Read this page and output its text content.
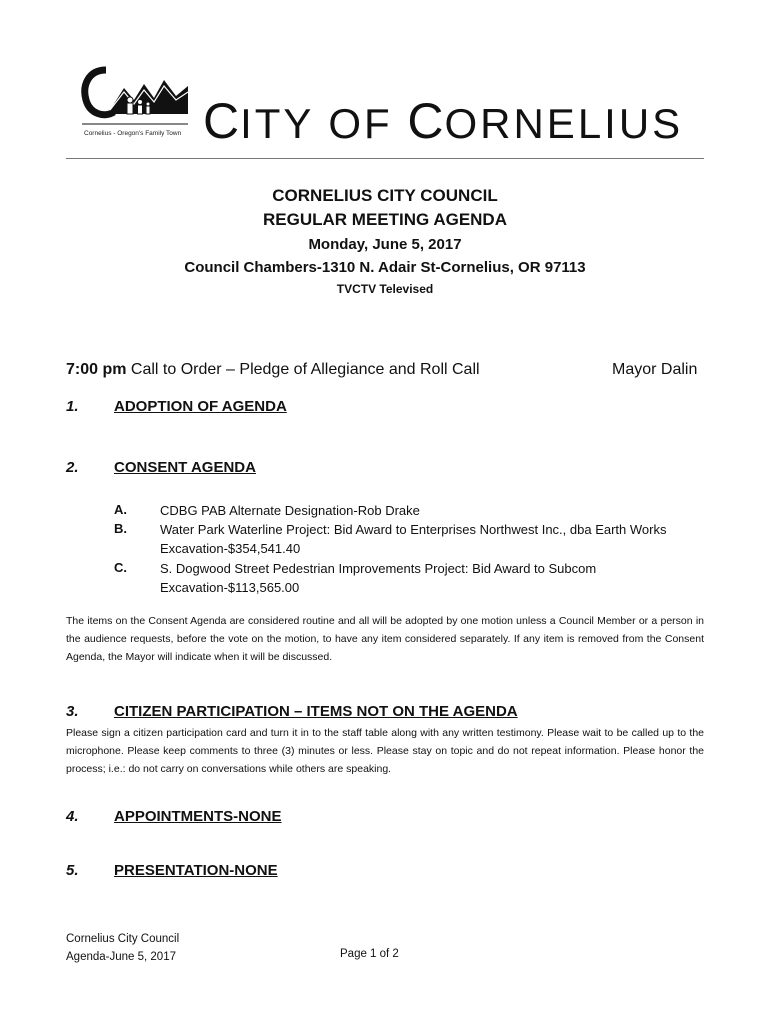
Cornelius - Oregon's Family Town CITY OF CORNELIUS
CORNELIUS CITY COUNCIL
REGULAR MEETING AGENDA
Monday, June 5, 2017
Council Chambers-1310 N. Adair St-Cornelius, OR 97113
TVCTV Televised
7:00 pm Call to Order – Pledge of Allegiance and Roll Call	Mayor Dalin
1. ADOPTION OF AGENDA
2. CONSENT AGENDA
A.	CDBG PAB Alternate Designation-Rob Drake
B.	Water Park Waterline Project: Bid Award to Enterprises Northwest Inc., dba Earth Works Excavation-$354,541.40
C.	S. Dogwood Street Pedestrian Improvements Project: Bid Award to Subcom Excavation-$113,565.00
The items on the Consent Agenda are considered routine and all will be adopted by one motion unless a Council Member or a person in the audience requests, before the vote on the motion, to have any item considered separately. If any item is removed from the Consent Agenda, the Mayor will indicate when it will be discussed.
3. CITIZEN PARTICIPATION – ITEMS NOT ON THE AGENDA
Please sign a citizen participation card and turn it in to the staff table along with any written testimony. Please wait to be called up to the microphone. Please keep comments to three (3) minutes or less. Please stay on topic and do not repeat information. Please honor the process; i.e.: do not carry on conversations while others are speaking.
4. APPOINTMENTS-NONE
5. PRESENTATION-NONE
Cornelius City Council
Agenda-June 5, 2017	Page 1 of 2
